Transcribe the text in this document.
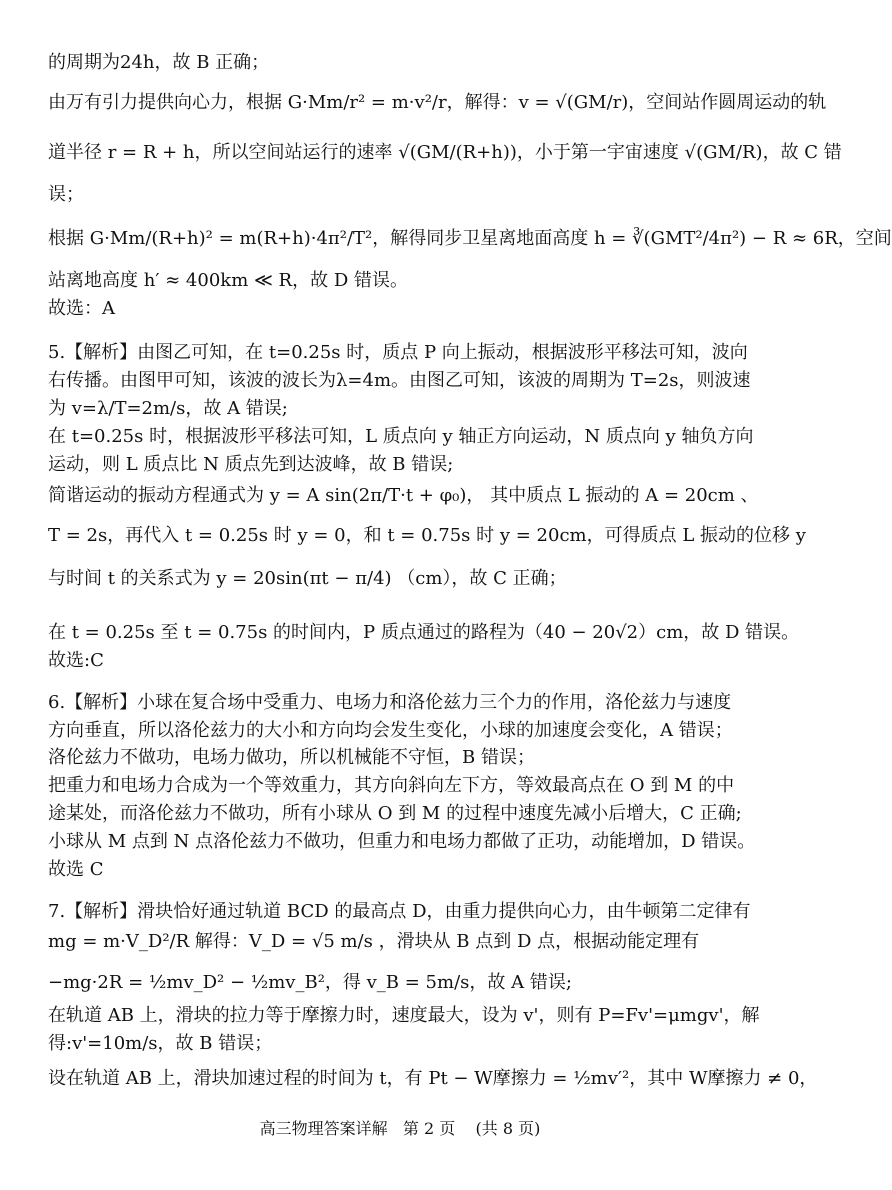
的周期为24h，故 B 正确；
由万有引力提供向心力，根据 G·Mm/r² = m·v²/r，解得：v = √(GM/r)，空间站作圆周运动的轨
道半径 r = R + h，所以空间站运行的速率 √(GM/(R+h))，小于第一宇宙速度 √(GM/R)，故 C 错
误；
根据 G·Mm/(R+h)² = m(R+h)·4π²/T²，解得同步卫星离地面高度 h = ∛(GMT²/4π²) − R ≈ 6R，空间
站离地高度 h′ ≈ 400km ≪ R，故 D 错误。
故选：A
5.【解析】由图乙可知，在 t=0.25s 时，质点 P 向上振动，根据波形平移法可知，波向
右传播。由图甲可知，该波的波长为λ=4m。由图乙可知，该波的周期为 T=2s，则波速
为 v=λ/T=2m/s，故 A 错误;
在 t=0.25s 时，根据波形平移法可知，L 质点向 y 轴正方向运动，N 质点向 y 轴负方向
运动，则 L 质点比 N 质点先到达波峰，故 B 错误;
简谐运动的振动方程通式为 y = A sin(2π/T·t + φ₀)， 其中质点 L 振动的 A = 20cm 、
T = 2s，再代入 t = 0.25s 时 y = 0，和 t = 0.75s 时 y = 20cm，可得质点 L 振动的位移 y
与时间 t 的关系式为 y = 20sin(πt − π/4) （cm），故 C 正确；
在 t = 0.25s 至 t = 0.75s 的时间内，P 质点通过的路程为（40 − 20√2）cm，故 D 错误。
故选:C
6.【解析】小球在复合场中受重力、电场力和洛伦兹力三个力的作用，洛伦兹力与速度
方向垂直，所以洛伦兹力的大小和方向均会发生变化，小球的加速度会变化，A 错误；
洛伦兹力不做功，电场力做功，所以机械能不守恒，B 错误；
把重力和电场力合成为一个等效重力，其方向斜向左下方，等效最高点在 O 到 M 的中
途某处，而洛伦兹力不做功，所有小球从 O 到 M 的过程中速度先减小后增大，C 正确;
小球从 M 点到 N 点洛伦兹力不做功，但重力和电场力都做了正功，动能增加，D 错误。
故选 C
7.【解析】滑块恰好通过轨道 BCD 的最高点 D，由重力提供向心力，由牛顿第二定律有
mg = m·V_D²/R 解得：V_D = √5 m/s ，滑块从 B 点到 D 点，根据动能定理有
−mg·2R = ½mv_D² − ½mv_B²，得 v_B = 5m/s，故 A 错误;
在轨道 AB 上，滑块的拉力等于摩擦力时，速度最大，设为 v'，则有 P=Fv'=μmgv'，解
得:v'=10m/s，故 B 错误；
设在轨道 AB 上，滑块加速过程的时间为 t，有 Pt − W摩擦力 = ½mv′²，其中 W摩擦力 ≠ 0，
高三物理答案详解   第 2 页    (共 8 页)
